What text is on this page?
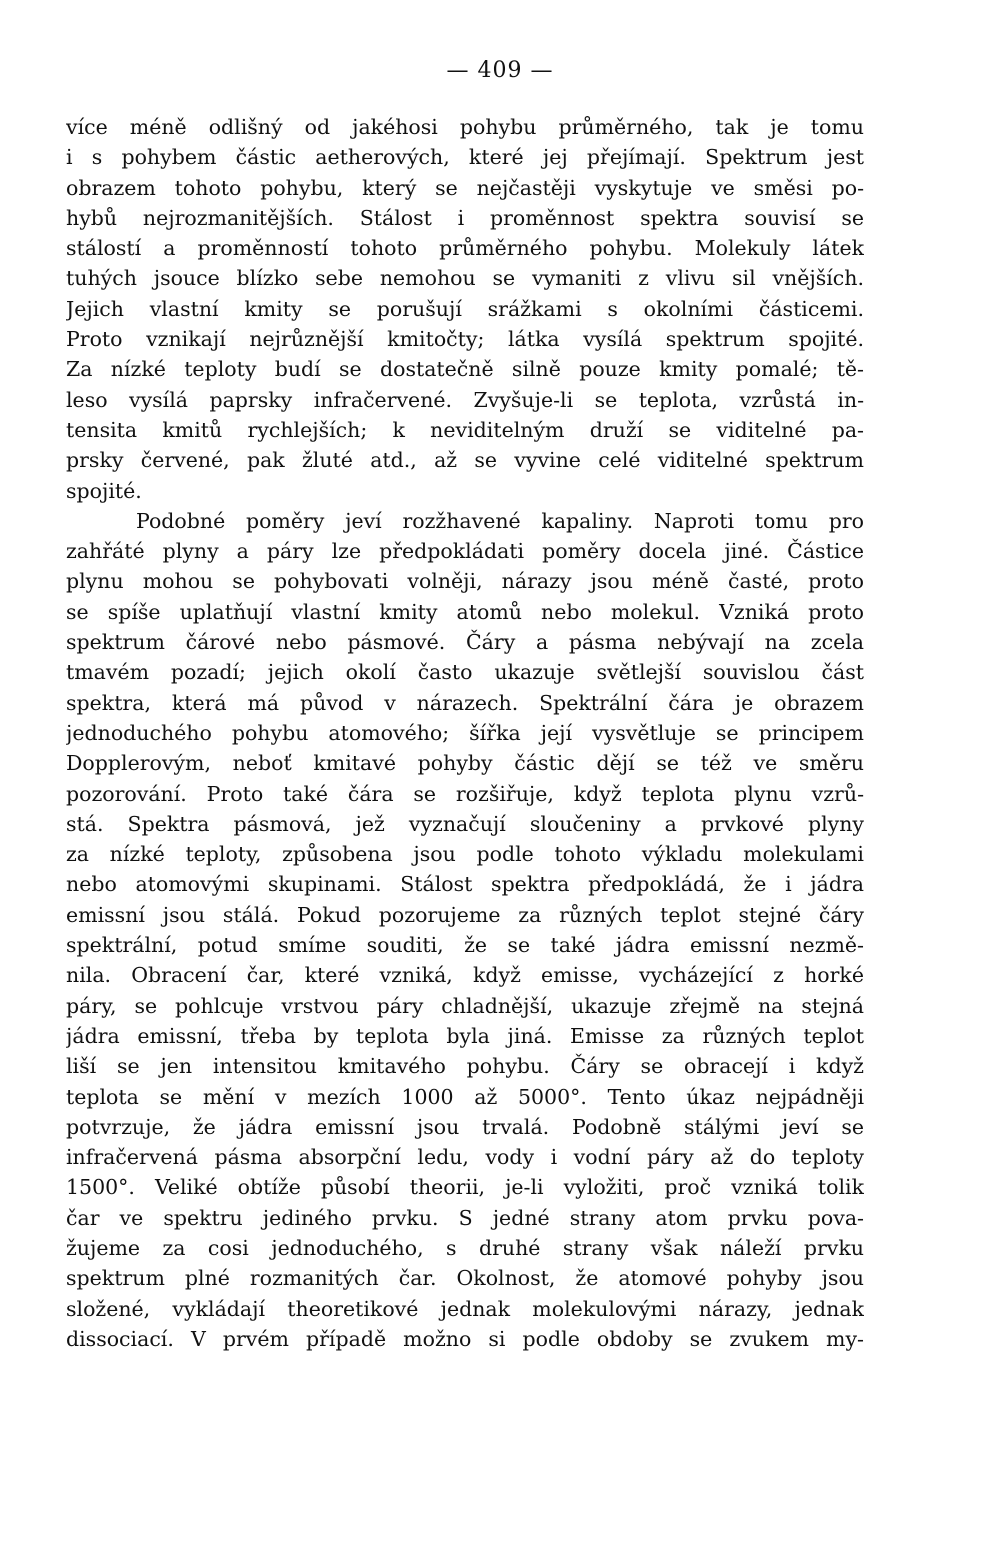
— 409 —
více méně odlišný od jakéhosi pohybu průměrného, tak je tomu
i s pohybem částic aetherových, které jej přejímají. Spektrum jest
obrazem tohoto pohybu, který se nejčastěji vyskytuje ve směsi po-
hybů nejrozmanitějších. Stálost i proměnnost spektra souvisí se
stálostí a proměnností tohoto průměrného pohybu. Molekuly látek
tuhých jsouce blízko sebe nemohou se vymaniti z vlivu sil vnějších.
Jejich vlastní kmity se porušují srážkami s okolními částicemi.
Proto vznikají nejrůznější kmitočty; látka vysílá spektrum spojité.
Za nízké teploty budí se dostatečně silně pouze kmity pomalé; tě-
leso vysílá paprsky infračervené. Zvyšuje-li se teplota, vzrůstá in-
tensita kmitů rychlejších; k neviditelným druží se viditelné pa-
prsky červené, pak žluté atd., až se vyvine celé viditelné spektrum
spojité.
Podobné poměry jeví rozžhavené kapaliny. Naproti tomu pro
zahřáté plyny a páry lze předpokládati poměry docela jiné. Částice
plynu mohou se pohybovati volněji, nárazy jsou méně časté, proto
se spíše uplatňují vlastní kmity atomů nebo molekul. Vzniká proto
spektrum čárové nebo pásmové. Čáry a pásma nebývají na zcela
tmavém pozadí; jejich okolí často ukazuje světlejší souvislou část
spektra, která má původ v nárazech. Spektrální čára je obrazem
jednoduchého pohybu atomového; šířka její vysvětluje se principem
Dopplerovým, neboť kmitavé pohyby částic dějí se též ve směru
pozorování. Proto také čára se rozšiřuje, když teplota plynu vzrů-
stá. Spektra pásmová, jež vyznačují sloučeniny a prvkové plyny
za nízké teploty, způsobena jsou podle tohoto výkladu molekulami
nebo atomovými skupinami. Stálost spektra předpokládá, že i jádra
emissní jsou stálá. Pokud pozorujeme za různých teplot stejné čáry
spektrální, potud smíme souditi, že se také jádra emissní nezmě-
nila. Obracení čar, které vzniká, když emisse, vycházející z horké
páry, se pohlcuje vrstvou páry chladnější, ukazuje zřejmě na stejná
jádra emissní, třeba by teplota byla jiná. Emisse za různých teplot
liší se jen intensitou kmitavého pohybu. Čáry se obracejí i když
teplota se mění v mezích 1000 až 5000°. Tento úkaz nejpádněji
potvrzuje, že jádra emissní jsou trvalá. Podobně stálými jeví se
infračervená pásma absorpční ledu, vody i vodní páry až do teploty
1500°. Veliké obtíže působí theorii, je-li vyložiti, proč vzniká tolik
čar ve spektru jediného prvku. S jedné strany atom prvku pova-
žujeme za cosi jednoduchého, s druhé strany však náleží prvku
spektrum plné rozmanitých čar. Okolnost, že atomové pohyby jsou
složené, vykládají theoretikové jednak molekulovými nárazy, jednak
dissociací. V prvém případě možno si podle obdoby se zvukem my-
